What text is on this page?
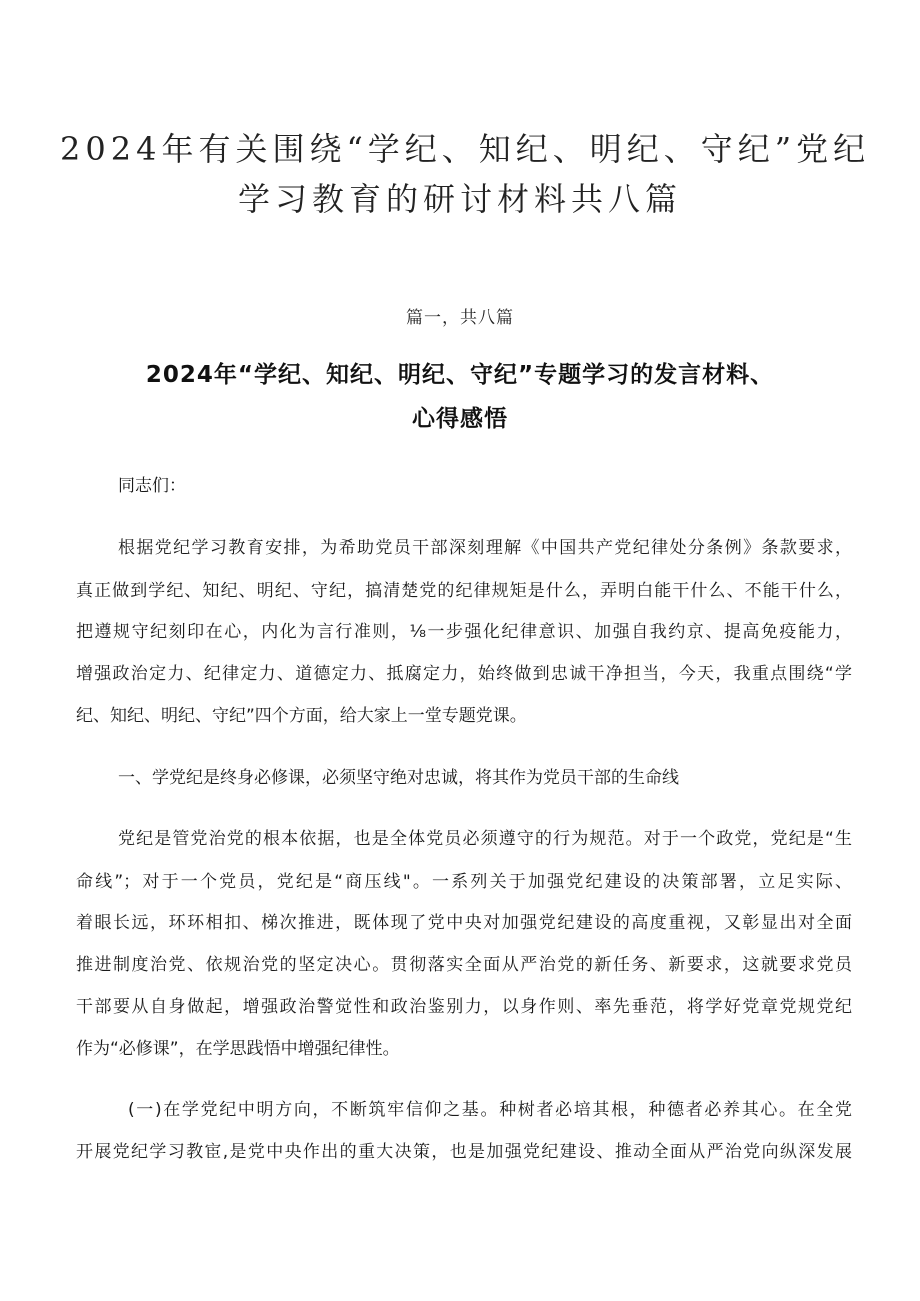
2024年有关围绕“学纪、知纪、明纪、守纪”党纪
学习教育的研讨材料共八篇
篇一，共八篇
2024年“学纪、知纪、明纪、守纪”专题学习的发言材料、
心得感悟
同志们：
根据党纪学习教育安排，为希助党员干部深刻理解《中国共产党纪律处分条例》条款要求，
真正做到学纪、知纪、明纪、守纪，搞清楚党的纪律规矩是什么，弄明白能干什么、不能干什么，
把遵规守纪刻印在心，内化为言行准则，⅛一步强化纪律意识、加强自我约京、提高免疫能力，
增强政治定力、纪律定力、道德定力、抵腐定力，始终做到忠诚干净担当，今天，我重点围绕“学
纪、知纪、明纪、守纪”四个方面，给大家上一堂专题党课。
一、学党纪是终身必修课，必须坚守绝对忠诚，将其作为党员干部的生命线
党纪是管党治党的根本依据，也是全体党员必须遵守的行为规范。对于一个政党，党纪是“生
命线”；对于一个党员，党纪是“商压线"。一系列关于加强党纪建设的决策部署，立足实际、
着眼长远，环环相扣、梯次推进，既体现了党中央对加强党纪建设的高度重视，又彰显出对全面
推进制度治党、依规治党的坚定决心。贯彻落实全面从严治党的新任务、新要求，这就要求党员
干部要从自身做起，增强政治警觉性和政治鉴别力，以身作则、率先垂范，将学好党章党规党纪
作为“必修课”，在学思践悟中增强纪律性。
(一)在学党纪中明方向，不断筑牢信仰之基。种树者必培其根，种德者必养其心。在全党
开展党纪学习教宦,是党中央作出的重大决策，也是加强党纪建设、推动全面从严治党向纵深发展
